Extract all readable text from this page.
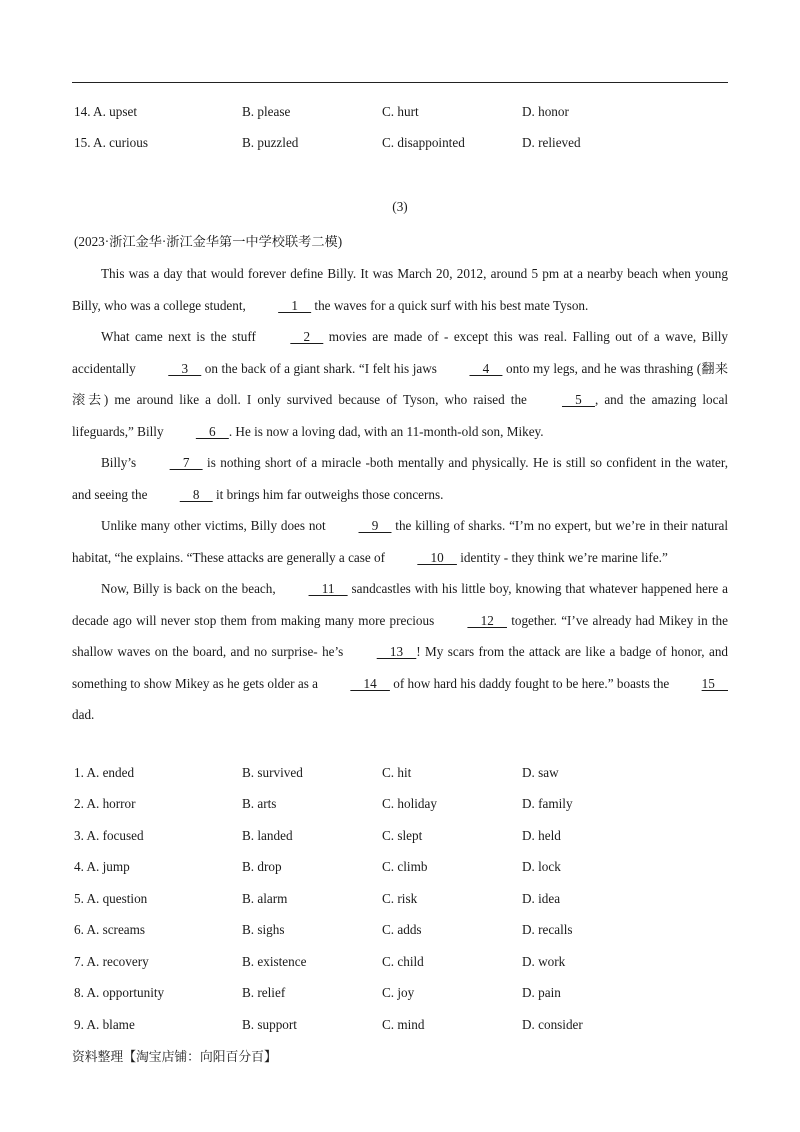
14. A. upset	B. please	C. hurt	D. honor
15. A. curious	B. puzzled	C. disappointed	D. relieved
(3)
(2023·浙江金华·浙江金华第一中学校联考二模)

This was a day that would forever define Billy. It was March 20, 2012, around 5 pm at a nearby beach when young Billy, who was a college student,     1     the waves for a quick surf with his best mate Tyson.

What came next is the stuff     2     movies are made of - except this was real. Falling out of a wave, Billy accidentally     3     on the back of a giant shark. “I felt his jaws     4     onto my legs, and he was thrashing (翻来滚去) me around like a doll. I only survived because of Tyson, who raised the     5    , and the amazing local lifeguards,” Billy     6    . He is now a loving dad, with an 11-month-old son, Mikey.

Billy’s     7     is nothing short of a miracle -both mentally and physically. He is still so confident in the water, and seeing the     8     it brings him far outweighs those concerns.

Unlike many other victims, Billy does not     9     the killing of sharks. “I’m no expert, but we’re in their natural habitat, “he explains. “These attacks are generally a case of     10     identity - they think we’re marine life.”

Now, Billy is back on the beach,     11     sandcastles with his little boy, knowing that whatever happened here a decade ago will never stop them from making many more precious     12     together. “I’ve already had Mikey in the shallow waves on the board, and no surprise- he’s     13    ! My scars from the attack are like a badge of honor, and something to show Mikey as he gets older as a     14     of how hard his daddy fought to be here.” boasts the 15     dad.

1. A. ended	B. survived	C. hit	D. saw
2. A. horror	B. arts	C. holiday	D. family
3. A. focused	B. landed	C. slept	D. held
4. A. jump	B. drop	C. climb	D. lock
5. A. question	B. alarm	C. risk	D. idea
6. A. screams	B. sighs	C. adds	D. recalls
7. A. recovery	B. existence	C. child	D. work
8. A. opportunity	B. relief	C. joy	D. pain
9. A. blame	B. support	C. mind	D. consider
资料整理【淘宝店铺：向阳百分百】
